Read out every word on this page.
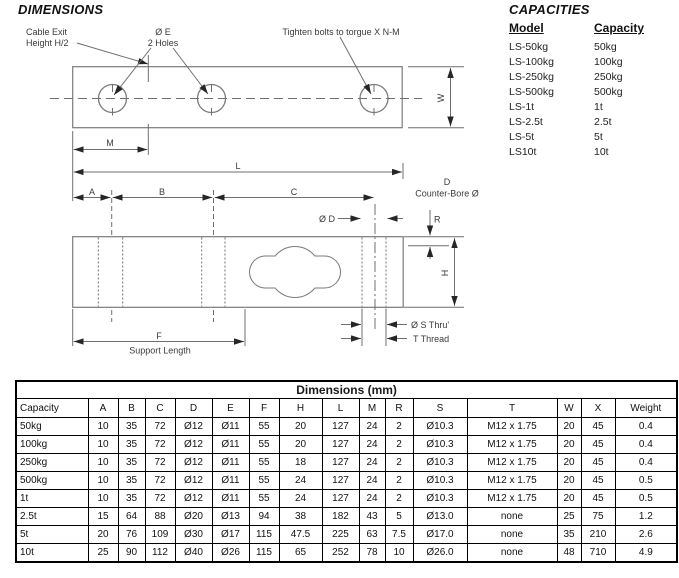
DIMENSIONS	CAPACITIES
Model	Capacity
LS-50kg	50kg
LS-100kg	100kg
LS-250kg	250kg
LS-500kg	500kg
LS-1t	1t
LS-2.5t	2.5t
LS-5t	5t
LS10t	10t
Cable Exit
Height H/2
Ø E
2 Holes
Tighten bolts to torgue X N-M
W
M
L
A	B	C
Ø D
D
Counter-Bore Ø
R
H
Ø S Thru'
T Thread
F
Support Length
Dimensions (mm)															
Capacity	A	B	C	D	E	F	H	L	M	R	S	T	W	X	Weight
50kg	10	35	72	Ø12	Ø11	55	20	127	24	2	Ø10.3	M12 x 1.75	20	45	0.4
100kg	10	35	72	Ø12	Ø11	55	20	127	24	2	Ø10.3	M12 x 1.75	20	45	0.4
250kg	10	35	72	Ø12	Ø11	55	18	127	24	2	Ø10.3	M12 x 1.75	20	45	0.4
500kg	10	35	72	Ø12	Ø11	55	24	127	24	2	Ø10.3	M12 x 1.75	20	45	0.5
1t	10	35	72	Ø12	Ø11	55	24	127	24	2	Ø10.3	M12 x 1.75	20	45	0.5
2.5t	15	64	88	Ø20	Ø13	94	38	182	43	5	Ø13.0	none	25	75	1.2
5t	20	76	109	Ø30	Ø17	115	47.5	225	63	7.5	Ø17.0	none	35	210	2.6
10t	25	90	112	Ø40	Ø26	115	65	252	78	10	Ø26.0	none	48	710	4.9
